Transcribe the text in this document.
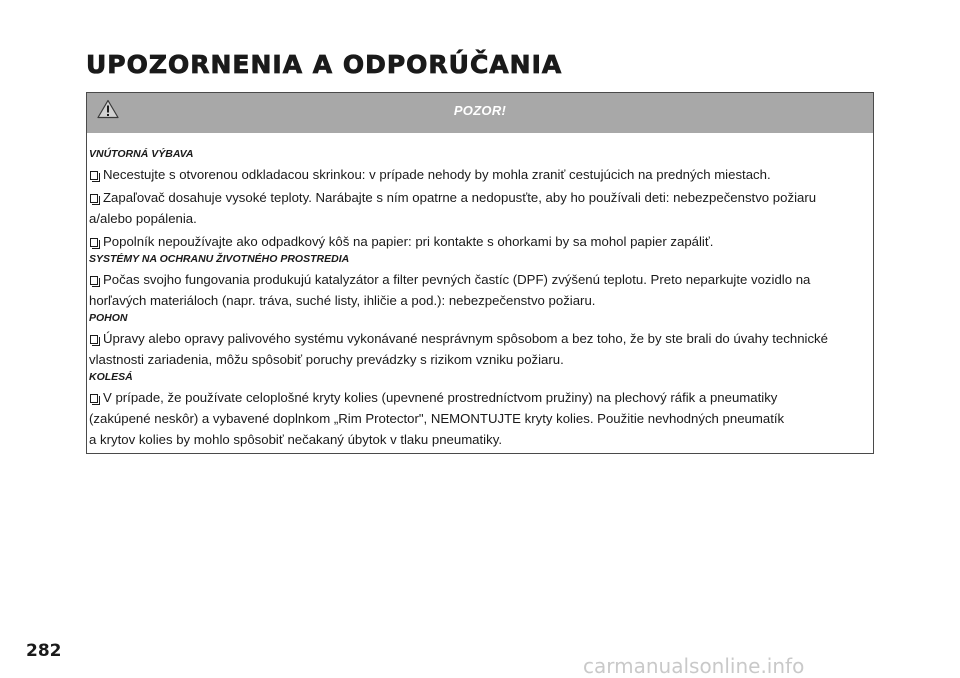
UPOZORNENIA A ODPORÚČANIA
POZOR!
VNÚTORNÁ VÝBAVA

Necestujte s otvorenou odkladacou skrinkou: v prípade nehody by mohla zraniť cestujúcich na predných miestach.

Zapaľovač dosahuje vysoké teploty. Narábajte s ním opatrne a nedopusťte, aby ho používali deti: nebezpečenstvo požiaru
a/alebo popálenia.

Popolník nepoužívajte ako odpadkový kôš na papier: pri kontakte s ohorkami by sa mohol papier zapáliť.

SYSTÉMY NA OCHRANU ŽIVOTNÉHO PROSTREDIA

Počas svojho fungovania produkujú katalyzátor a filter pevných častíc (DPF) zvýšenú teplotu. Preto neparkujte vozidlo na
horľavých materiáloch (napr. tráva, suché listy, ihličie a pod.): nebezpečenstvo požiaru.

POHON

Úpravy alebo opravy palivového systému vykonávané nesprávnym spôsobom a bez toho, že by ste brali do úvahy technické
vlastnosti zariadenia, môžu spôsobiť poruchy prevádzky s rizikom vzniku požiaru.

KOLESÁ

V prípade, že používate celoplošné kryty kolies (upevnené prostredníctvom pružiny) na plechový ráfik a pneumatiky
(zakúpené neskôr) a vybavené doplnkom „Rim Protector", NEMONTUJTE kryty kolies. Použitie nevhodných pneumatík
a krytov kolies by mohlo spôsobiť nečakaný úbytok v tlaku pneumatiky.

282
carmanualsonline.info
